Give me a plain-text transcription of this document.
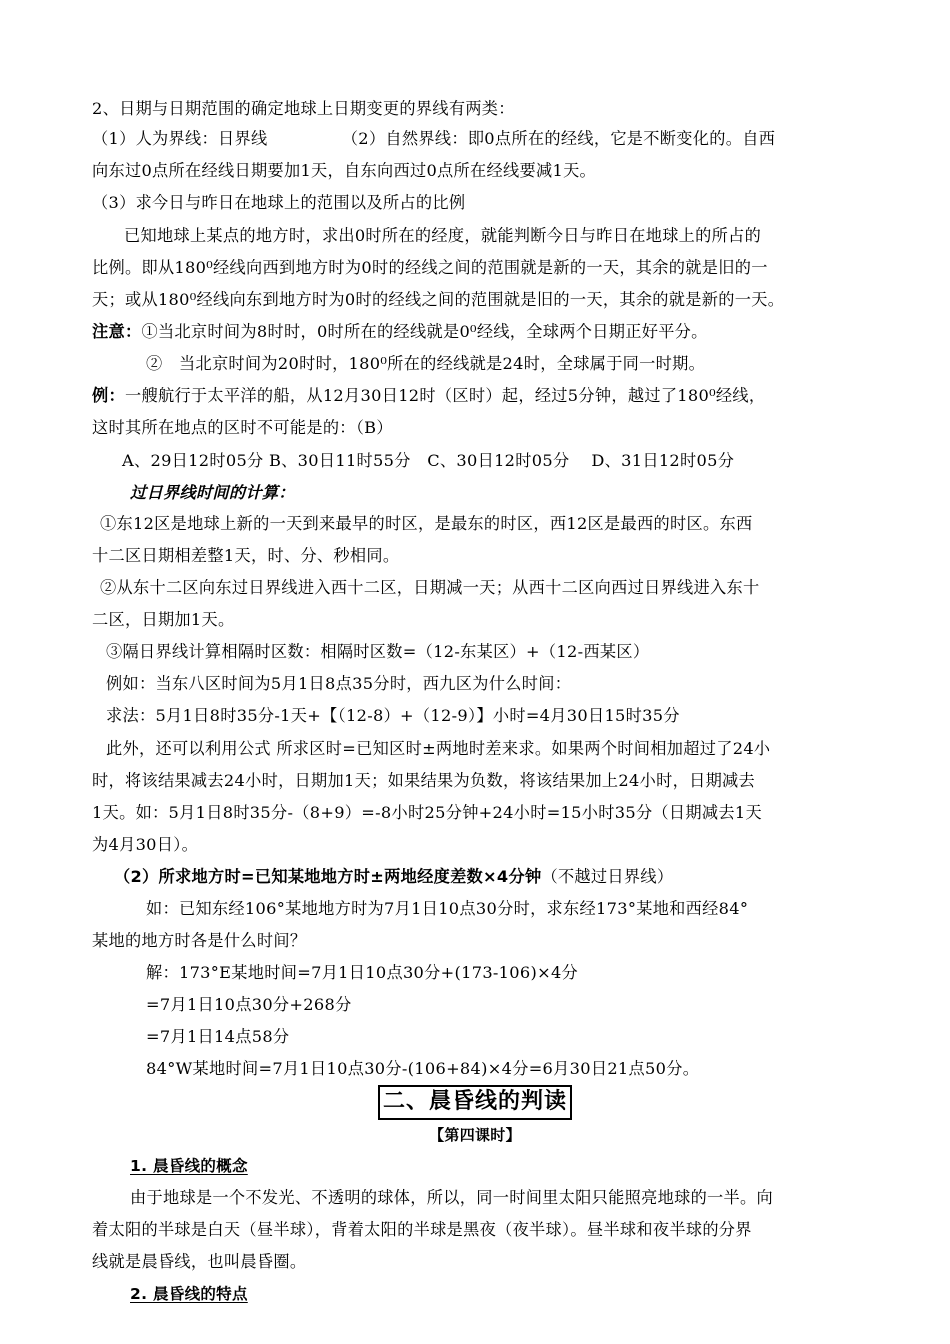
2、日期与日期范围的确定地球上日期变更的界线有两类：
（1）人为界线：日界线　　　　　（2）自然界线：即0点所在的经线，它是不断变化的。自西
向东过0点所在经线日期要加1天，自东向西过0点所在经线要减1天。
（3）求今日与昨日在地球上的范围以及所占的比例
已知地球上某点的地方时，求出0时所在的经度，就能判断今日与昨日在地球上的所占的
比例。即从180⁰经线向西到地方时为0时的经线之间的范围就是新的一天，其余的就是旧的一
天；或从180⁰经线向东到地方时为0时的经线之间的范围就是旧的一天，其余的就是新的一天。
注意：①当北京时间为8时时，0时所在的经线就是0⁰经线，全球两个日期正好平分。
②　当北京时间为20时时，180⁰所在的经线就是24时，全球属于同一时期。
例：一艘航行于太平洋的船，从12月30日12时（区时）起，经过5分钟，越过了180⁰经线，
这时其所在地点的区时不可能是的：（B）
A、29日12时05分 B、30日11时55分　C、30日12时05分　 D、31日12时05分
过日界线时间的计算：
①东12区是地球上新的一天到来最早的时区，是最东的时区，西12区是最西的时区。东西
十二区日期相差整1天，时、分、秒相同。
②从东十二区向东过日界线进入西十二区，日期减一天；从西十二区向西过日界线进入东十
二区，日期加1天。
③隔日界线计算相隔时区数：相隔时区数=（12-东某区）+（12-西某区）
例如：当东八区时间为5月1日8点35分时，西九区为什么时间：
求法：5月1日8时35分-1天+【（12-8）+（12-9）】小时=4月30日15时35分
此外，还可以利用公式 所求区时=已知区时±两地时差来求。如果两个时间相加超过了24小
时，将该结果减去24小时，日期加1天；如果结果为负数，将该结果加上24小时，日期减去
1天。如：5月1日8时35分-（8+9）=-8小时25分钟+24小时=15小时35分（日期减去1天
为4月30日）。
（2）所求地方时=已知某地地方时±两地经度差数×4分钟（不越过日界线）
如：已知东经106°某地地方时为7月1日10点30分时，求东经173°某地和西经84°
某地的地方时各是什么时间？
解：173°E某地时间=7月1日10点30分+(173-106)×4分
=7月1日10点30分+268分
=7月1日14点58分
84°W某地时间=7月1日10点30分-(106+84)×4分=6月30日21点50分。
二、晨昏线的判读
【第四课时】
1. 晨昏线的概念
由于地球是一个不发光、不透明的球体，所以，同一时间里太阳只能照亮地球的一半。向
着太阳的半球是白天（昼半球），背着太阳的半球是黑夜（夜半球）。昼半球和夜半球的分界
线就是晨昏线，也叫晨昏圈。
2. 晨昏线的特点
